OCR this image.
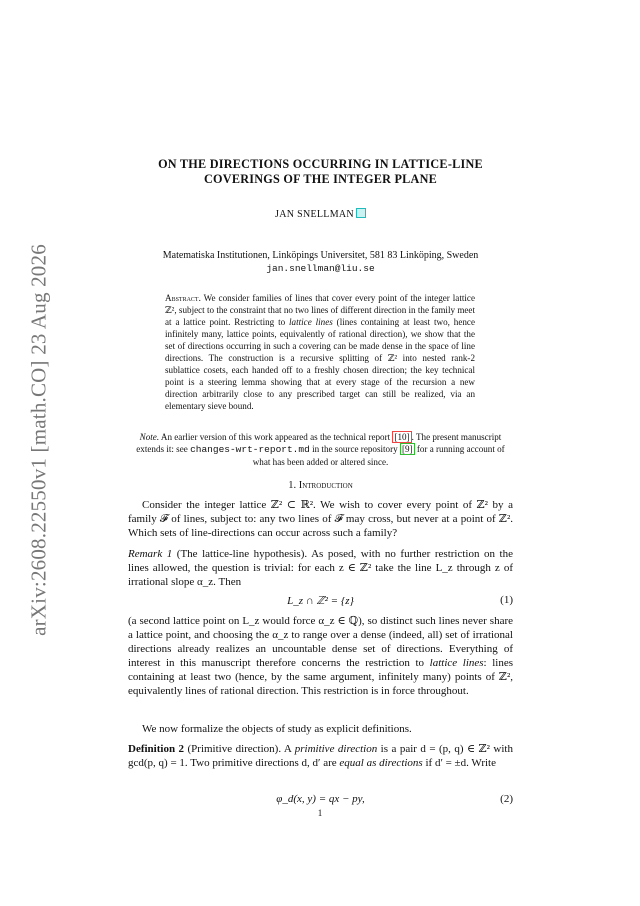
arXiv:2608.22550v1 [math.CO] 23 Aug 2026
ON THE DIRECTIONS OCCURRING IN LATTICE-LINE
COVERINGS OF THE INTEGER PLANE
JAN SNELLMAN
Matematiska Institutionen, Linköpings Universitet, 581 83 Linköping, Sweden
jan.snellman@liu.se
Abstract. We consider families of lines that cover every point of the integer lattice ℤ², subject to the constraint that no two lines of different direction in the family meet at a lattice point. Restricting to lattice lines (lines containing at least two, hence infinitely many, lattice points, equivalently of rational direction), we show that the set of directions occurring in such a covering can be made dense in the space of line directions. The construction is a recursive splitting of ℤ² into nested rank-2 sublattice cosets, each handed off to a freshly chosen direction; the key technical point is a steering lemma showing that at every stage of the recursion a new direction arbitrarily close to any prescribed target can still be realized, via an elementary sieve bound.
Note. An earlier version of this work appeared as the technical report [10] . The present manuscript extends it: see changes-wrt-report.md in the source repository [9] for a running account of what has been added or altered since.
1. Introduction
Consider the integer lattice ℤ² ⊂ ℝ². We wish to cover every point of ℤ² by a family 𝓕 of lines, subject to: any two lines of 𝓕 may cross, but never at a point of ℤ². Which sets of line-directions can occur across such a family?
Remark 1 (The lattice-line hypothesis). As posed, with no further restriction on the lines allowed, the question is trivial: for each z ∈ ℤ² take the line L_z through z of irrational slope α_z. Then
L_z ∩ ℤ² = {z}	(1)
(a second lattice point on L_z would force α_z ∈ ℚ), so distinct such lines never share a lattice point, and choosing the α_z to range over a dense (indeed, all) set of irrational directions already realizes an uncountable dense set of directions. Everything of interest in this manuscript therefore concerns the restriction to lattice lines: lines containing at least two (hence, by the same argument, infinitely many) points of ℤ², equivalently lines of rational direction. This restriction is in force throughout.
We now formalize the objects of study as explicit definitions.
Definition 2 (Primitive direction). A primitive direction is a pair d = (p, q) ∈ ℤ² with gcd(p, q) = 1. Two primitive directions d, d′ are equal as directions if d′ = ±d. Write
φ_d(x, y) = qx − py,	(2)
1
